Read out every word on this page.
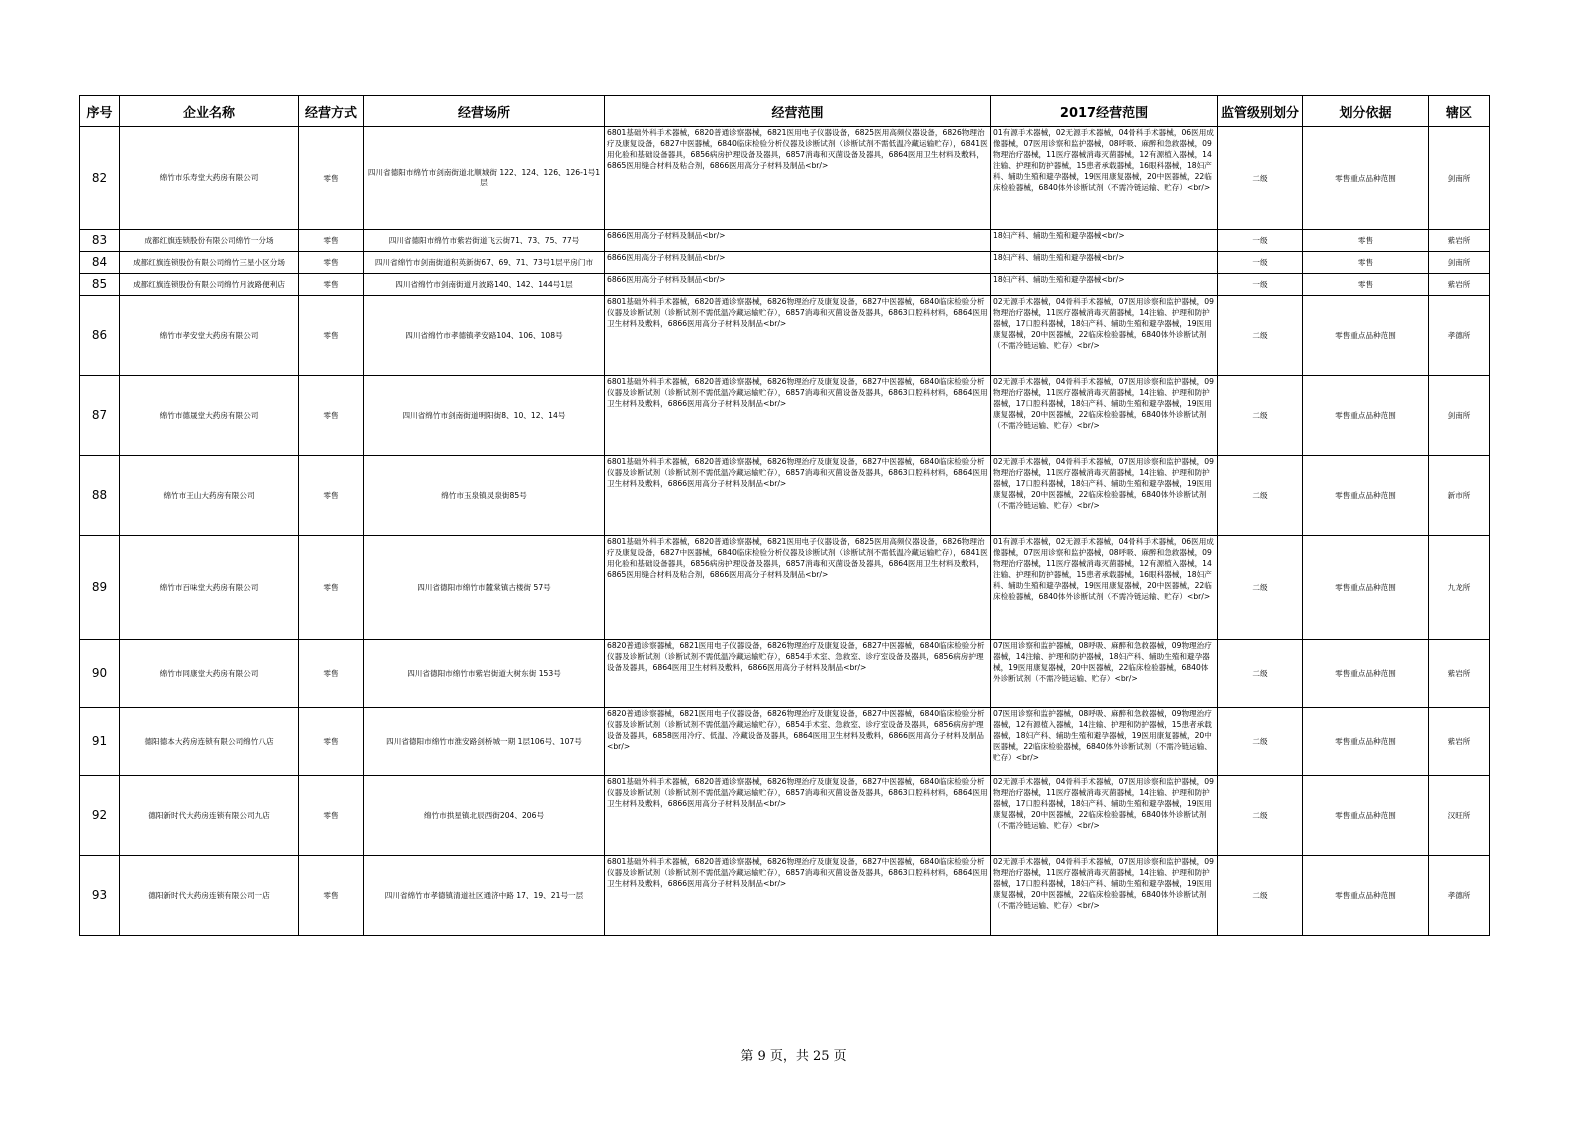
序号	企业名称	经营方式	经营场所	经营范围	2017经营范围	监管级别划分	划分依据	辖区
82	绵竹市乐寿堂大药房有限公司	零售	四川省德阳市绵竹市剑南街道北顺城街 122、124、126、126-1号1层	6801基础外科手术器械，6820普通诊察器械，6821医用电子仪器设备，6825医用高频仪器设备，6826物理治疗及康复设备，6827中医器械，6840临床检验分析仪器及诊断试剂（诊断试剂不需低温冷藏运输贮存），6841医用化验和基础设备器具，6856病房护理设备及器具，6857消毒和灭菌设备及器具，6864医用卫生材料及敷料，6865医用缝合材料及粘合剂，6866医用高分子材料及制品<br/>	01有源手术器械，02无源手术器械，04骨科手术器械，06医用成像器械，07医用诊察和监护器械，08呼吸、麻醉和急救器械，09物理治疗器械，11医疗器械消毒灭菌器械，12有源植入器械，14注输、护理和防护器械，15患者承载器械，16眼科器械，18妇产科、辅助生殖和避孕器械，19医用康复器械，20中医器械，22临床检验器械，6840体外诊断试剂（不需冷链运输、贮存）<br/>	二级	零售重点品种范围	剑南所
83	成都红旗连锁股份有限公司绵竹一分场	零售	四川省德阳市绵竹市紫岩街道飞云街71、73、75、77号	6866医用高分子材料及制品<br/>	18妇产科、辅助生殖和避孕器械<br/>	一级	零售	紫岩所
84	成都红旗连锁股份有限公司绵竹三星小区分场	零售	四川省绵竹市剑南街道积英新街67、69、71、73号1层平房门市	6866医用高分子材料及制品<br/>	18妇产科、辅助生殖和避孕器械<br/>	一级	零售	剑南所
85	成都红旗连锁股份有限公司绵竹月波路便利店	零售	四川省绵竹市剑南街道月波路140、142、144号1层	6866医用高分子材料及制品<br/>	18妇产科、辅助生殖和避孕器械<br/>	一级	零售	紫岩所
86	绵竹市孝安堂大药房有限公司	零售	四川省绵竹市孝德镇孝安路104、106、108号	6801基础外科手术器械，6820普通诊察器械，6826物理治疗及康复设备，6827中医器械，6840临床检验分析仪器及诊断试剂（诊断试剂不需低温冷藏运输贮存），6857消毒和灭菌设备及器具，6863口腔科材料，6864医用卫生材料及敷料，6866医用高分子材料及制品<br/>	02无源手术器械，04骨科手术器械，07医用诊察和监护器械，09物理治疗器械，11医疗器械消毒灭菌器械，14注输、护理和防护器械，17口腔科器械，18妇产科、辅助生殖和避孕器械，19医用康复器械，20中医器械，22临床检验器械，6840体外诊断试剂（不需冷链运输、贮存）<br/>	二级	零售重点品种范围	孝德所
87	绵竹市德晟堂大药房有限公司	零售	四川省绵竹市剑南街道明阳街8、10、12、14号	6801基础外科手术器械，6820普通诊察器械，6826物理治疗及康复设备，6827中医器械，6840临床检验分析仪器及诊断试剂（诊断试剂不需低温冷藏运输贮存），6857消毒和灭菌设备及器具，6863口腔科材料，6864医用卫生材料及敷料，6866医用高分子材料及制品<br/>	02无源手术器械，04骨科手术器械，07医用诊察和监护器械，09物理治疗器械，11医疗器械消毒灭菌器械，14注输、护理和防护器械，17口腔科器械，18妇产科、辅助生殖和避孕器械，19医用康复器械，20中医器械，22临床检验器械，6840体外诊断试剂（不需冷链运输、贮存）<br/>	二级	零售重点品种范围	剑南所
88	绵竹市王山大药房有限公司	零售	绵竹市玉泉镇灵泉街85号	6801基础外科手术器械，6820普通诊察器械，6826物理治疗及康复设备，6827中医器械，6840临床检验分析仪器及诊断试剂（诊断试剂不需低温冷藏运输贮存），6857消毒和灭菌设备及器具，6863口腔科材料，6864医用卫生材料及敷料，6866医用高分子材料及制品<br/>	02无源手术器械，04骨科手术器械，07医用诊察和监护器械，09物理治疗器械，11医疗器械消毒灭菌器械，14注输、护理和防护器械，17口腔科器械，18妇产科、辅助生殖和避孕器械，19医用康复器械，20中医器械，22临床检验器械，6840体外诊断试剂（不需冷链运输、贮存）<br/>	二级	零售重点品种范围	新市所
89	绵竹市百味堂大药房有限公司	零售	四川省德阳市绵竹市麓棠镇古楼街 57号	6801基础外科手术器械，6820普通诊察器械，6821医用电子仪器设备，6825医用高频仪器设备，6826物理治疗及康复设备，6827中医器械，6840临床检验分析仪器及诊断试剂（诊断试剂不需低温冷藏运输贮存），6841医用化验和基础设备器具，6856病房护理设备及器具，6857消毒和灭菌设备及器具，6864医用卫生材料及敷料，6865医用缝合材料及粘合剂，6866医用高分子材料及制品<br/>	01有源手术器械，02无源手术器械，04骨科手术器械，06医用成像器械，07医用诊察和监护器械，08呼吸、麻醉和急救器械，09物理治疗器械，11医疗器械消毒灭菌器械，12有源植入器械，14注输、护理和防护器械，15患者承载器械，16眼科器械，18妇产科、辅助生殖和避孕器械，19医用康复器械，20中医器械，22临床检验器械，6840体外诊断试剂（不需冷链运输、贮存）<br/>	二级	零售重点品种范围	九龙所
90	绵竹市同康堂大药房有限公司	零售	四川省德阳市绵竹市紫岩街道大树东街 153号	6820普通诊察器械，6821医用电子仪器设备，6826物理治疗及康复设备，6827中医器械，6840临床检验分析仪器及诊断试剂（诊断试剂不需低温冷藏运输贮存），6854手术室、急救室、诊疗室设备及器具，6856病房护理设备及器具，6864医用卫生材料及敷料，6866医用高分子材料及制品<br/>	07医用诊察和监护器械，08呼吸、麻醉和急救器械，09物理治疗器械，14注输、护理和防护器械，18妇产科、辅助生殖和避孕器械，19医用康复器械，20中医器械，22临床检验器械，6840体外诊断试剂（不需冷链运输、贮存）<br/>	二级	零售重点品种范围	紫岩所
91	德阳德本大药房连锁有限公司绵竹八店	零售	四川省德阳市绵竹市淮安路剑桥城一期 1层106号、107号	6820普通诊察器械，6821医用电子仪器设备，6826物理治疗及康复设备，6827中医器械，6840临床检验分析仪器及诊断试剂（诊断试剂不需低温冷藏运输贮存），6854手术室、急救室、诊疗室设备及器具，6856病房护理设备及器具，6858医用冷疗、低温、冷藏设备及器具，6864医用卫生材料及敷料，6866医用高分子材料及制品<br/>	07医用诊察和监护器械，08呼吸、麻醉和急救器械，09物理治疗器械，12有源植入器械，14注输、护理和防护器械，15患者承载器械，18妇产科、辅助生殖和避孕器械，19医用康复器械，20中医器械，22临床检验器械，6840体外诊断试剂（不需冷链运输、贮存）<br/>	二级	零售重点品种范围	紫岩所
92	德阳新时代大药房连锁有限公司九店	零售	绵竹市拱星镇北辰西街204、206号	6801基础外科手术器械，6820普通诊察器械，6826物理治疗及康复设备，6827中医器械，6840临床检验分析仪器及诊断试剂（诊断试剂不需低温冷藏运输贮存），6857消毒和灭菌设备及器具，6863口腔科材料，6864医用卫生材料及敷料，6866医用高分子材料及制品<br/>	02无源手术器械，04骨科手术器械，07医用诊察和监护器械，09物理治疗器械，11医疗器械消毒灭菌器械，14注输、护理和防护器械，17口腔科器械，18妇产科、辅助生殖和避孕器械，19医用康复器械，20中医器械，22临床检验器械，6840体外诊断试剂（不需冷链运输、贮存）<br/>	二级	零售重点品种范围	汉旺所
93	德阳新时代大药房连锁有限公司一店	零售	四川省绵竹市孝德镇清道社区通济中路 17、19、21号一层	6801基础外科手术器械，6820普通诊察器械，6826物理治疗及康复设备，6827中医器械，6840临床检验分析仪器及诊断试剂（诊断试剂不需低温冷藏运输贮存），6857消毒和灭菌设备及器具，6863口腔科材料，6864医用卫生材料及敷料，6866医用高分子材料及制品<br/>	02无源手术器械，04骨科手术器械，07医用诊察和监护器械，09物理治疗器械，11医疗器械消毒灭菌器械，14注输、护理和防护器械，17口腔科器械，18妇产科、辅助生殖和避孕器械，19医用康复器械，20中医器械，22临床检验器械，6840体外诊断试剂（不需冷链运输、贮存）<br/>	二级	零售重点品种范围	孝德所
第 9 页，共 25 页
